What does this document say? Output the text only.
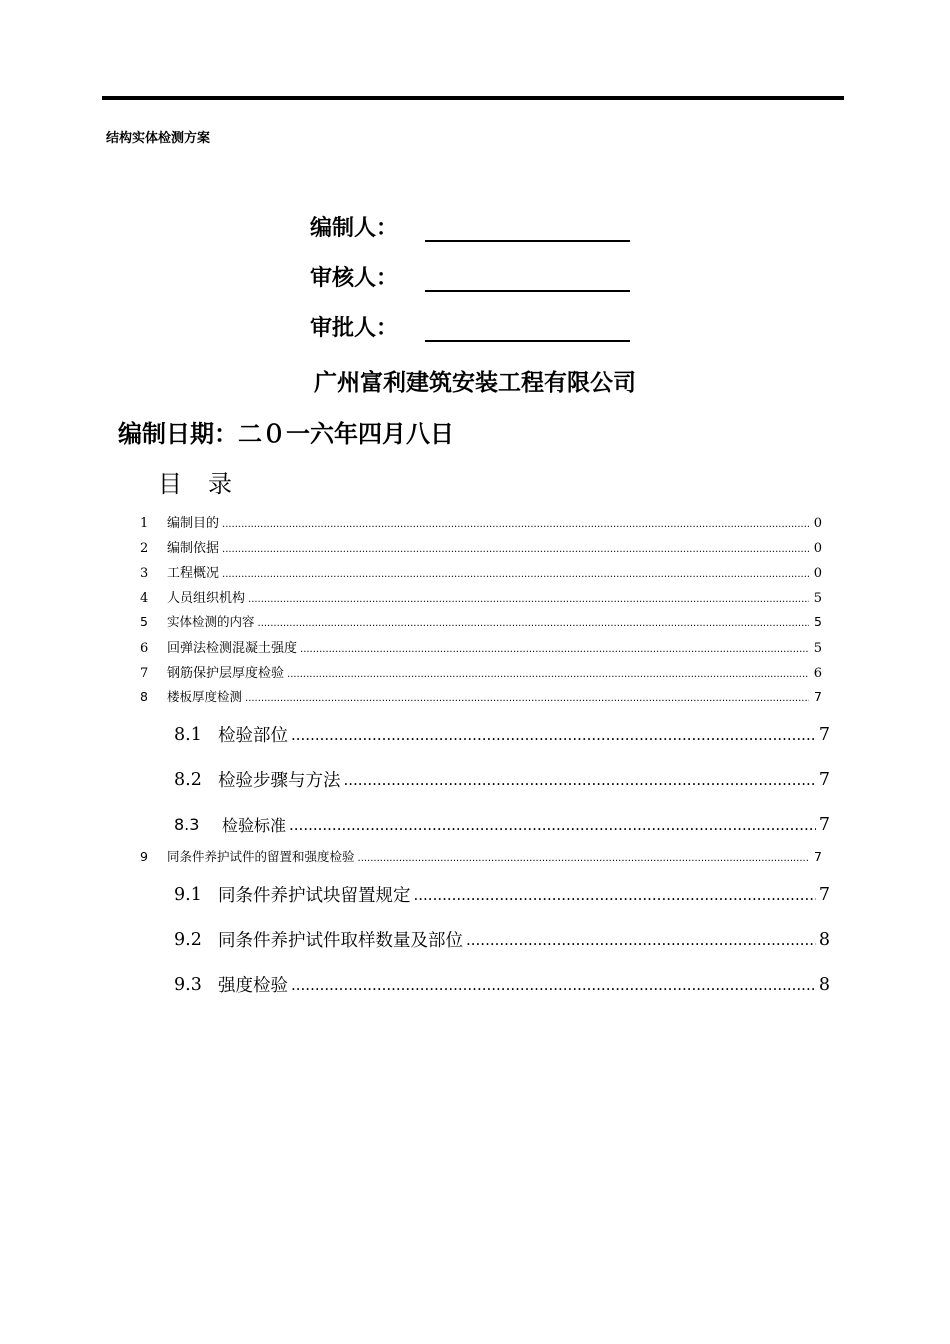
结构实体检测方案
编制人：
审核人：
审批人：
广州富利建筑安装工程有限公司
编制日期：二０一六年四月八日
目录
1	编制目的 .....	0
2	编制依据 .....	0
3	工程概况 .....	0
4	人员组织机构 .....	5
5	实体检测的内容 .....	5
6	回弹法检测混凝土强度 .....	5
7	钢筋保护层厚度检验 .....	6
8	楼板厚度检测 .....	7
8.1 检验部位 .....	7
8.2 检验步骤与方法 .....	7
8.3	检验标准 .....	7
9	同条件养护试件的留置和强度检验 .....	7
9.1 同条件养护试块留置规定 .....	7
9.2 同条件养护试件取样数量及部位 .....	8
9.3 强度检验 .....	8
